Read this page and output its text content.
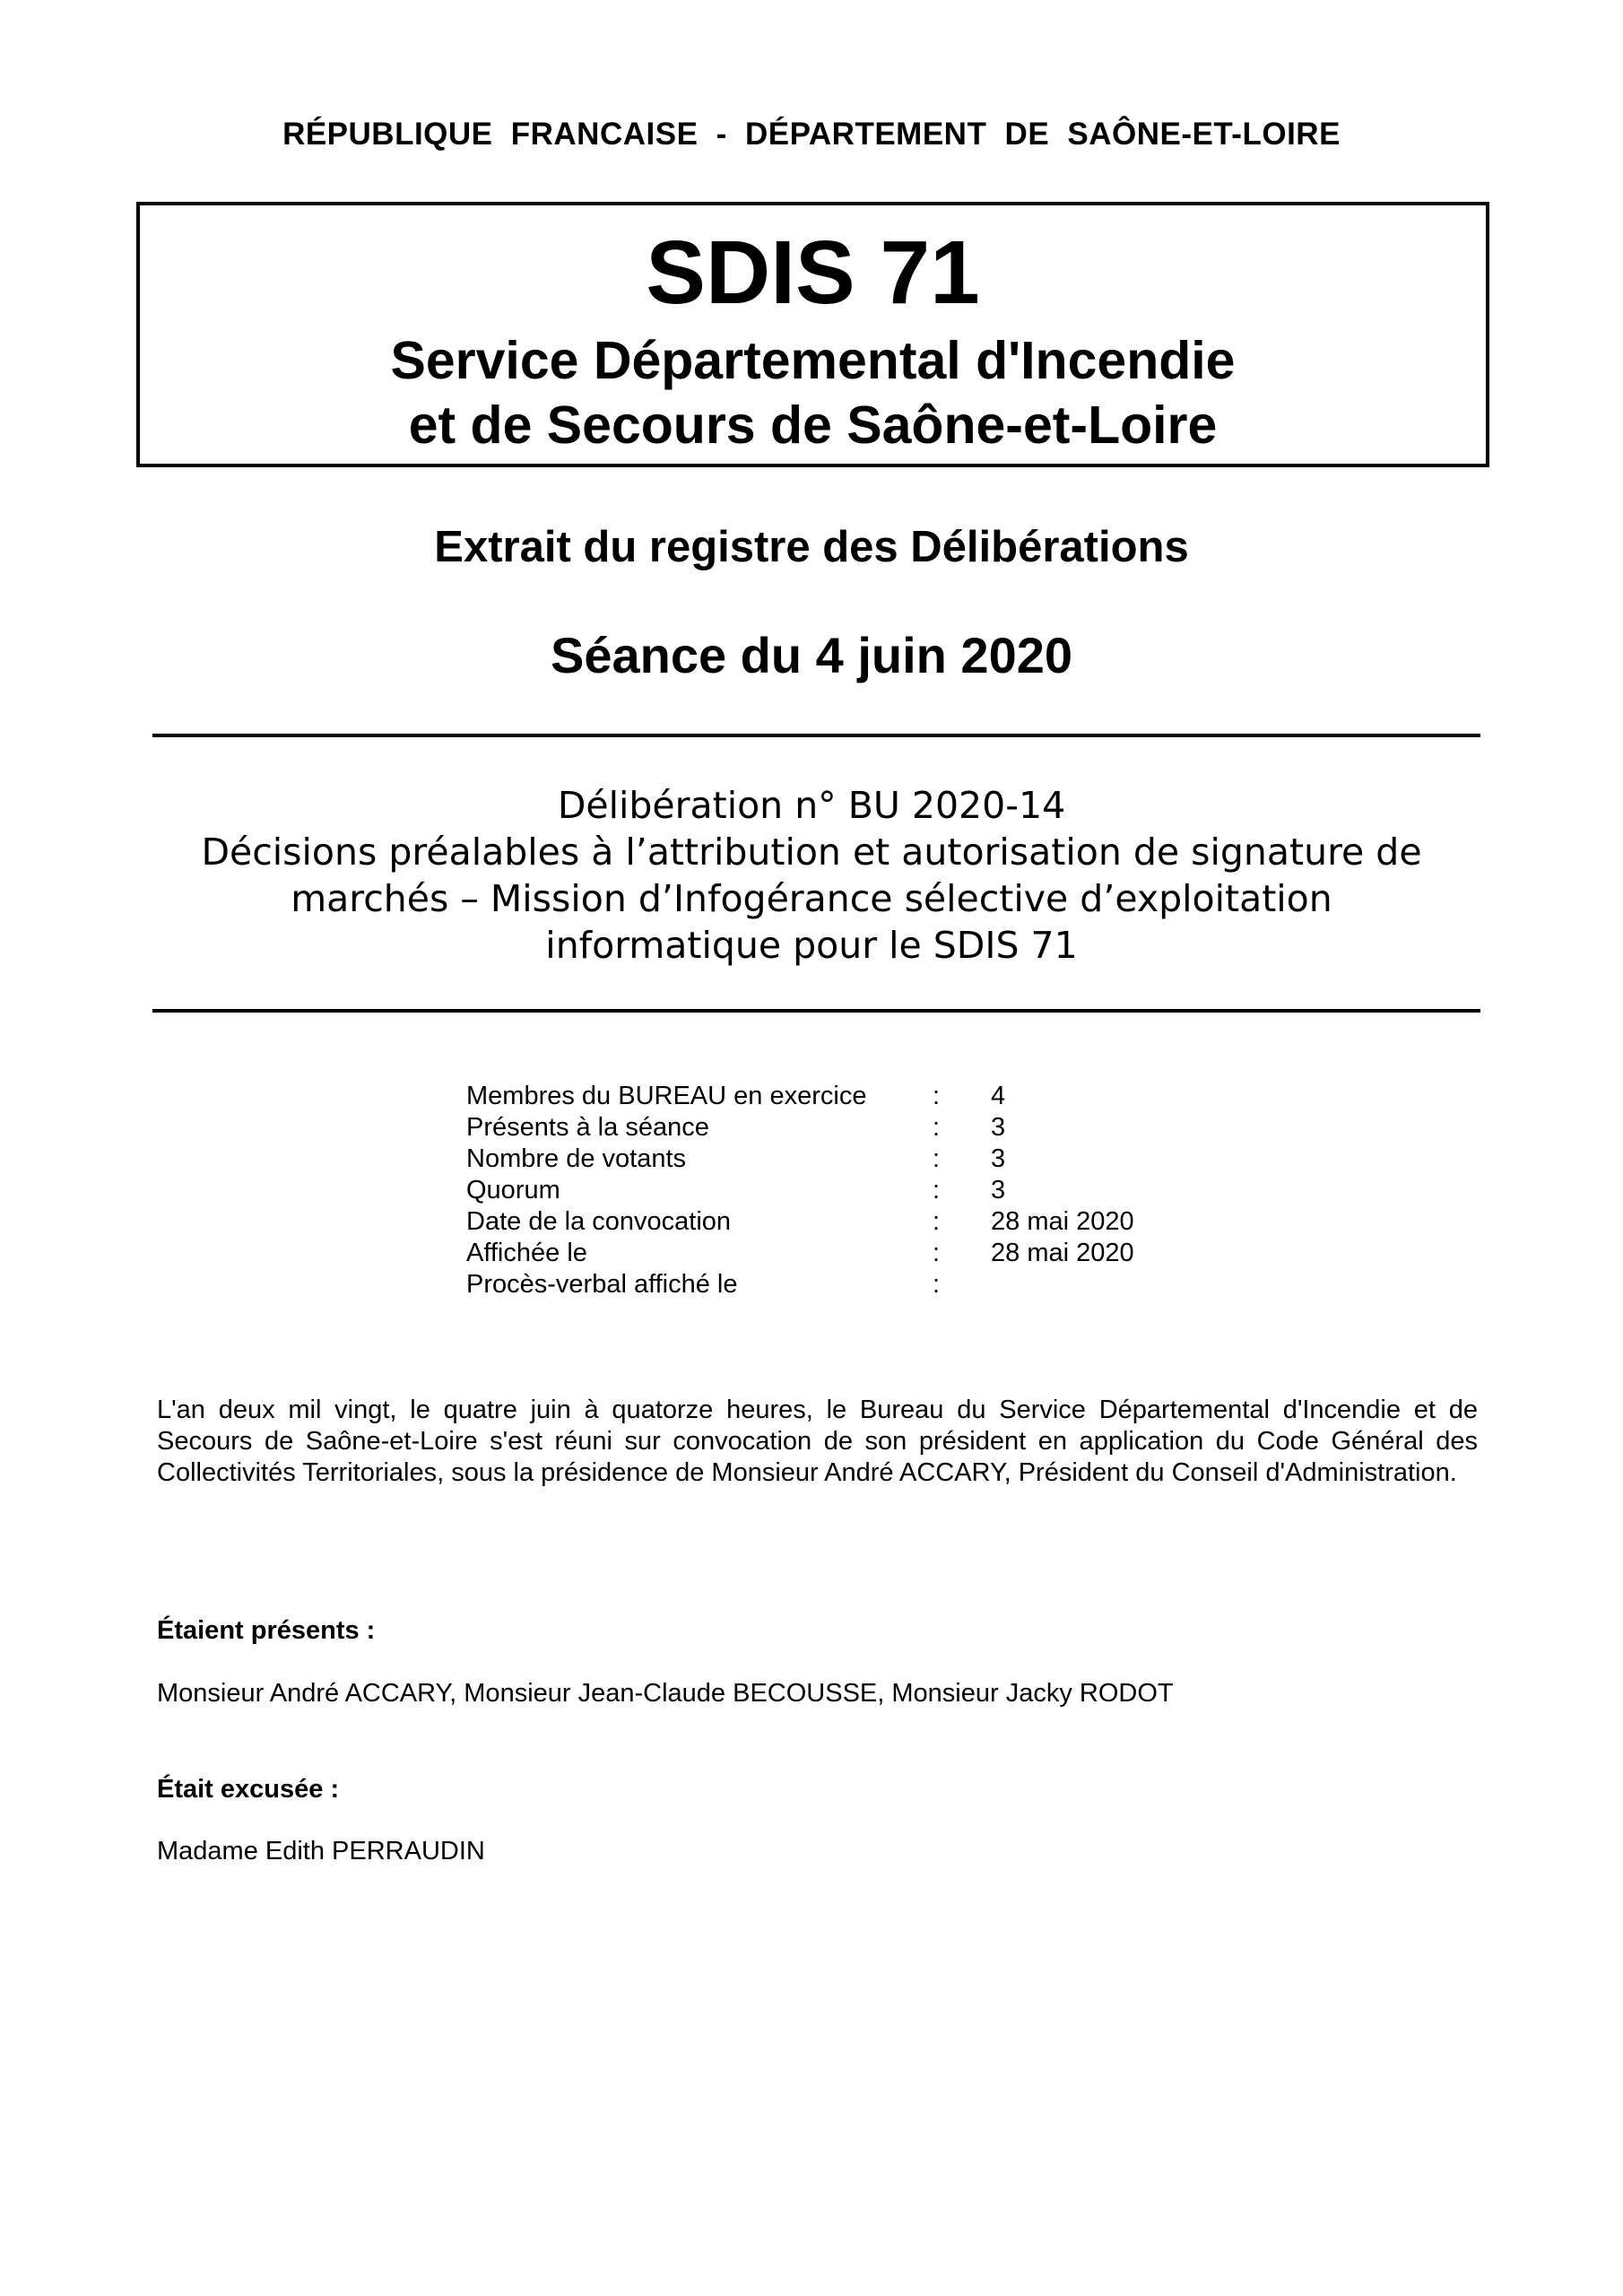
RÉPUBLIQUE FRANCAISE - DÉPARTEMENT DE SAÔNE-ET-LOIRE
SDIS 71
Service Départemental d'Incendie
et de Secours de Saône-et-Loire
Extrait du registre des Délibérations
Séance du 4 juin 2020
Délibération n° BU 2020-14
Décisions préalables à l’attribution et autorisation de signature de
marchés – Mission d’Infogérance sélective d’exploitation
informatique pour le SDIS 71
Membres du BUREAU en exercice	: 4
Présents à la séance	: 3
Nombre de votants	: 3
Quorum	: 3
Date de la convocation	: 28 mai 2020
Affichée le	: 28 mai 2020
Procès-verbal affiché le	:
L'an deux mil vingt, le quatre juin à quatorze heures, le Bureau du Service Départemental d'Incendie et de Secours de Saône-et-Loire s'est réuni sur convocation de son président en application du Code Général des Collectivités Territoriales, sous la présidence de Monsieur André ACCARY, Président du Conseil d'Administration.
Étaient présents :
Monsieur André ACCARY, Monsieur Jean-Claude BECOUSSE, Monsieur Jacky RODOT
Était excusée :
Madame Edith PERRAUDIN
